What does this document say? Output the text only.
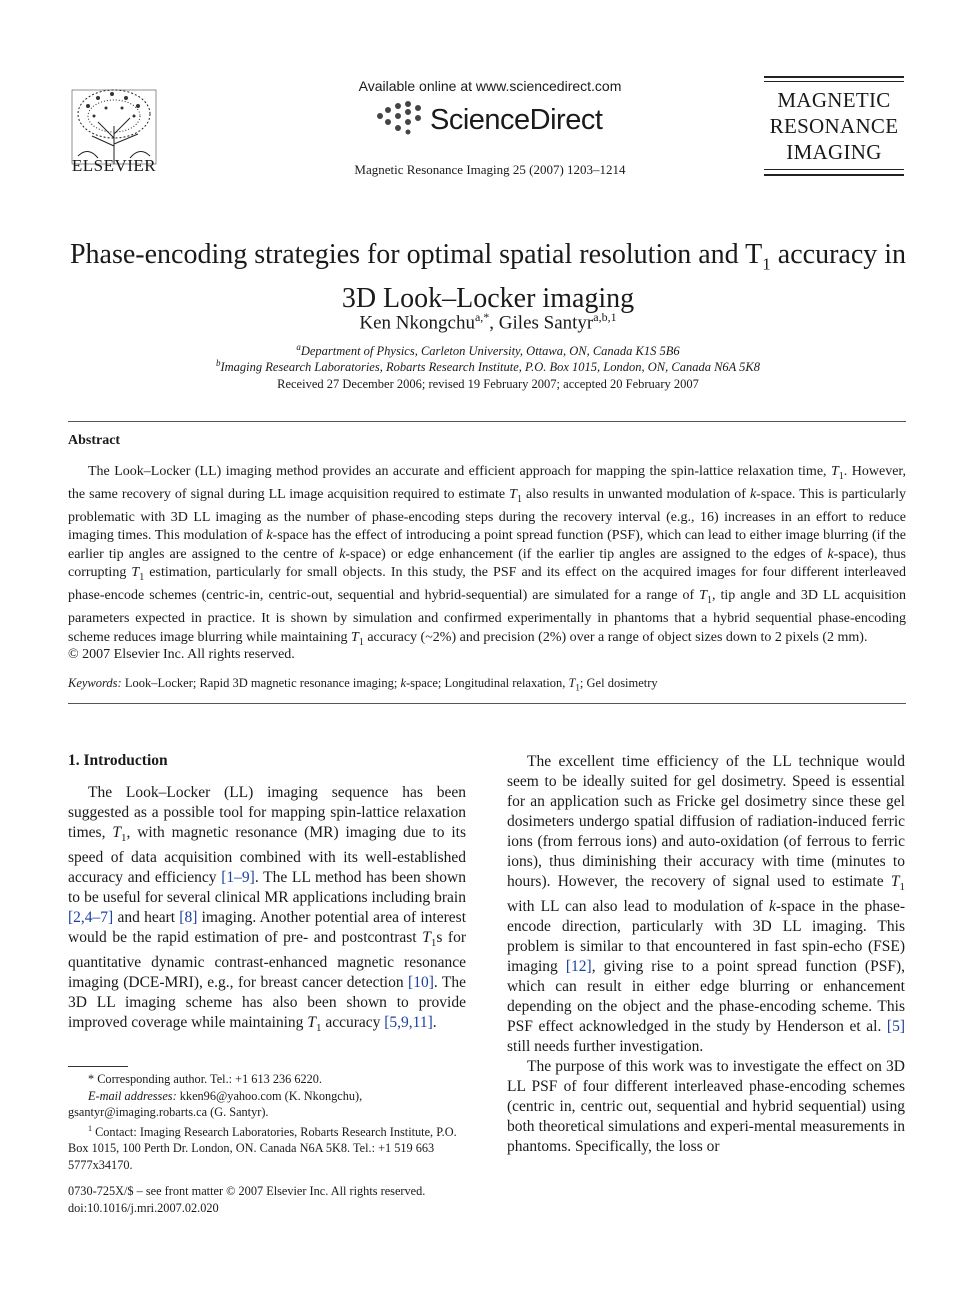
ELSEVIER
Available online at www.sciencedirect.com
ScienceDirect
Magnetic Resonance Imaging 25 (2007) 1203–1214
MAGNETIC
RESONANCE
IMAGING
Phase-encoding strategies for optimal spatial resolution and $T_1$ accuracy in
3D Look–Locker imaging
Ken Nkongchu$^{a,*}$, Giles Santyr$^{a,b,1}$
$^a$Department of Physics, Carleton University, Ottawa, ON, Canada K1S 5B6
$^b$Imaging Research Laboratories, Robarts Research Institute, P.O. Box 1015, London, ON, Canada N6A 5K8
Received 27 December 2006; revised 19 February 2007; accepted 20 February 2007
Abstract
The Look–Locker (LL) imaging method provides an accurate and efficient approach for mapping the spin-lattice relaxation time, $T_1$. However, the same recovery of signal during LL image acquisition required to estimate $T_1$ also results in unwanted modulation of k-space. This is particularly problematic with 3D LL imaging as the number of phase-encoding steps during the recovery interval (e.g., 16) increases in an effort to reduce imaging times. This modulation of k-space has the effect of introducing a point spread function (PSF), which can lead to either image blurring (if the earlier tip angles are assigned to the centre of k-space) or edge enhancement (if the earlier tip angles are assigned to the edges of k-space), thus corrupting $T_1$ estimation, particularly for small objects. In this study, the PSF and its effect on the acquired images for four different interleaved phase-encode schemes (centric-in, centric-out, sequential and hybrid-sequential) are simulated for a range of $T_1$, tip angle and 3D LL acquisition parameters expected in practice. It is shown by simulation and confirmed experimentally in phantoms that a hybrid sequential phase-encoding scheme reduces image blurring while maintaining $T_1$ accuracy (~2%) and precision (2%) over a range of object sizes down to 2 pixels (2 mm).
© 2007 Elsevier Inc. All rights reserved.
Keywords: Look–Locker; Rapid 3D magnetic resonance imaging; k-space; Longitudinal relaxation, $T_1$; Gel dosimetry
1. Introduction

The Look–Locker (LL) imaging sequence has been suggested as a possible tool for mapping spin-lattice relaxation times, $T_1$, with magnetic resonance (MR) imaging due to its speed of data acquisition combined with its well-established accuracy and efficiency [1–9]. The LL method has been shown to be useful for several clinical MR applications including brain [2,4–7] and heart [8] imaging. Another potential area of interest would be the rapid estimation of pre- and postcontrast $T_1s$ for quantitative dynamic contrast-enhanced magnetic resonance imaging (DCE-MRI), e.g., for breast cancer detection [10]. The 3D LL imaging scheme has also been shown to provide improved coverage while maintaining $T_1$ accuracy [5,9,11].

* Corresponding author. Tel.: +1 613 236 6220.

E-mail addresses: kken96@yahoo.com (K. Nkongchu),

gsantyr@imaging.robarts.ca (G. Santyr).

$^1$ Contact: Imaging Research Laboratories, Robarts Research Institute, P.O. Box 1015, 100 Perth Dr. London, ON. Canada N6A 5K8. Tel.: +1 519 663 5777x34170.

0730-725X/$ – see front matter © 2007 Elsevier Inc. All rights reserved.
doi:10.1016/j.mri.2007.02.020

The excellent time efficiency of the LL technique would seem to be ideally suited for gel dosimetry. Speed is essential for an application such as Fricke gel dosimetry since these gel dosimeters undergo spatial diffusion of radiation-induced ferric ions (from ferrous ions) and auto-oxidation (of ferrous to ferric ions), thus diminishing their accuracy with time (minutes to hours). However, the recovery of signal used to estimate $T_1$ with LL can also lead to modulation of k-space in the phase-encode direction, particularly with 3D LL imaging. This problem is similar to that encountered in fast spin-echo (FSE) imaging [12], giving rise to a point spread function (PSF), which can result in either edge blurring or enhancement depending on the object and the phase-encoding scheme. This PSF effect acknowledged in the study by Henderson et al. [5] still needs further investigation.

The purpose of this work was to investigate the effect on 3D LL PSF of four different interleaved phase-encoding schemes (centric in, centric out, sequential and hybrid sequential) using both theoretical simulations and experi-mental measurements in phantoms. Specifically, the loss or
